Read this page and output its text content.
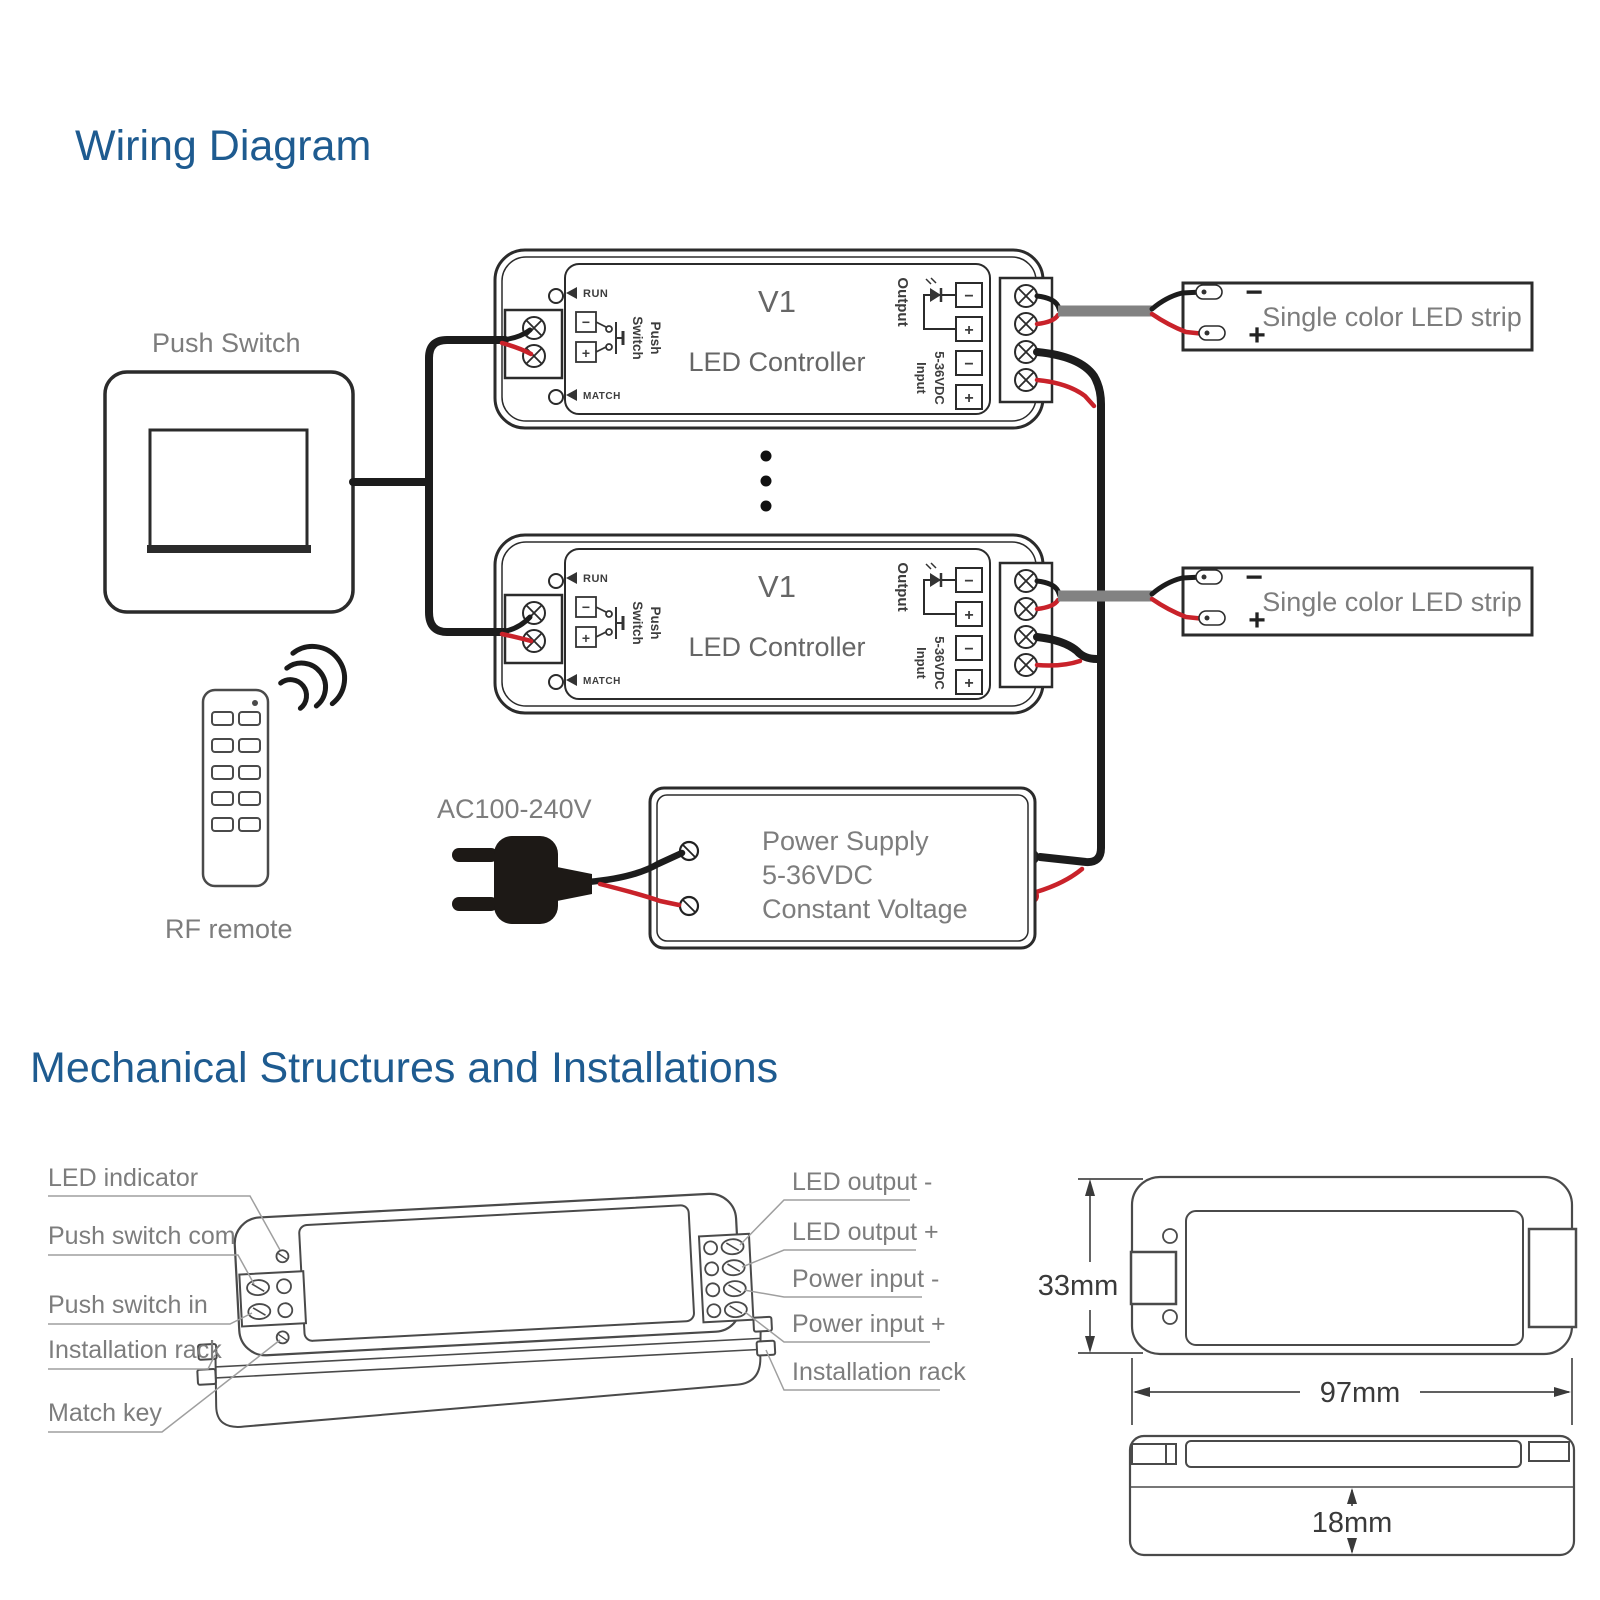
Wiring Diagram
Mechanical Structures and Installations
Push Switch
RUN
MATCH
−
+	Switch Push
V1
LED Controller
Output
Input 5-36VDC
−
+
−
+
RUN
MATCH
−
+	Switch Push
V1
LED Controller
Output
Input 5-36VDC
−
+
−
+
−
+
Single color LED strip
−
+
Single color LED strip
RF remote
Power Supply
5-36VDC
Constant Voltage
AC100-240V
LED indicator
Push switch com
Push switch in
Installation rack
Match key
LED output -
LED output +
Power input -
Power input +
Installation rack
33mm
97mm
18mm
